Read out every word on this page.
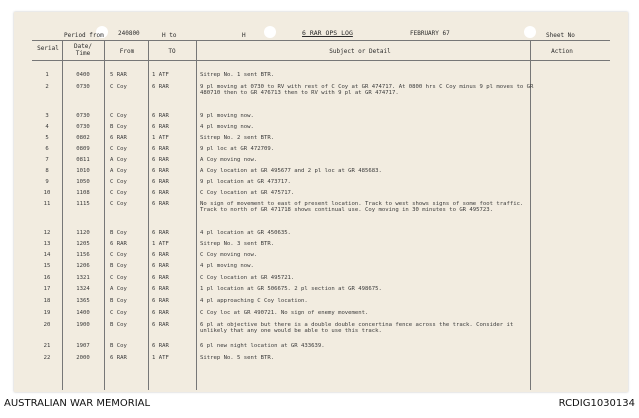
Period from 240800	H to	H	6 RAR OPS LOG	FEBRUARY 67	Sheet No
Serial	Date/ Time	From	TO	Subject or Detail	Action
1	0400	5 RAR	1 ATF	Sitrep No. 1 sent BTR.
2	0730	C Coy	6 RAR	9 pl moving at 0730 to RV with rest of C Coy at GR 474717. At 0800 hrs C Coy minus 9 pl moves to GR 480710 then to GR 476713 then to RV with 9 pl at GR 474717.
3	0730	C Coy	6 RAR	9 pl moving now.
4	0730	B Coy	6 RAR	4 pl moving now.
5	0802	6 RAR	1 ATF	Sitrep No. 2 sent BTR.
6	0809	C Coy	6 RAR	9 pl loc at GR 472709.
7	0811	A Coy	6 RAR	A Coy moving now.
8	1010	A Coy	6 RAR	A Coy location at GR 495677 and 2 pl loc at GR 485683.
9	1050	C Coy	6 RAR	9 pl location at GR 473717.
10	1108	C Coy	6 RAR	C Coy location at GR 475717.
11	1115	C Coy	6 RAR	No sign of movement to east of present location. Track to west shows signs of some foot traffic. Track to north of GR 471718 shows continual use. Coy moving in 30 minutes to GR 495723.
12	1120	B Coy	6 RAR	4 pl location at GR 450635.
13	1205	6 RAR	1 ATF	Sitrep No. 3 sent BTR.
14	1156	C Coy	6 RAR	C Coy moving now.
15	1206	B Coy	6 RAR	4 pl moving now.
16	1321	C Coy	6 RAR	C Coy location at GR 495721.
17	1324	A Coy	6 RAR	1 pl location at GR 506675. 2 pl section at GR 498675.
18	1365	B Coy	6 RAR	4 pl approaching C Coy location.
19	1400	C Coy	6 RAR	C Coy loc at GR 490721. No sign of enemy movement.
20	1900	B Coy	6 RAR	6 pl at objective but there is a double double concertina fence across the track. Consider it unlikely that any one would be able to use this track.
21	1907	B Coy	6 RAR	6 pl new night location at GR 433639.
22	2000	6 RAR	1 ATF	Sitrep No. 5 sent BTR.
AUSTRALIAN WAR MEMORIAL	RCDIG1030134
